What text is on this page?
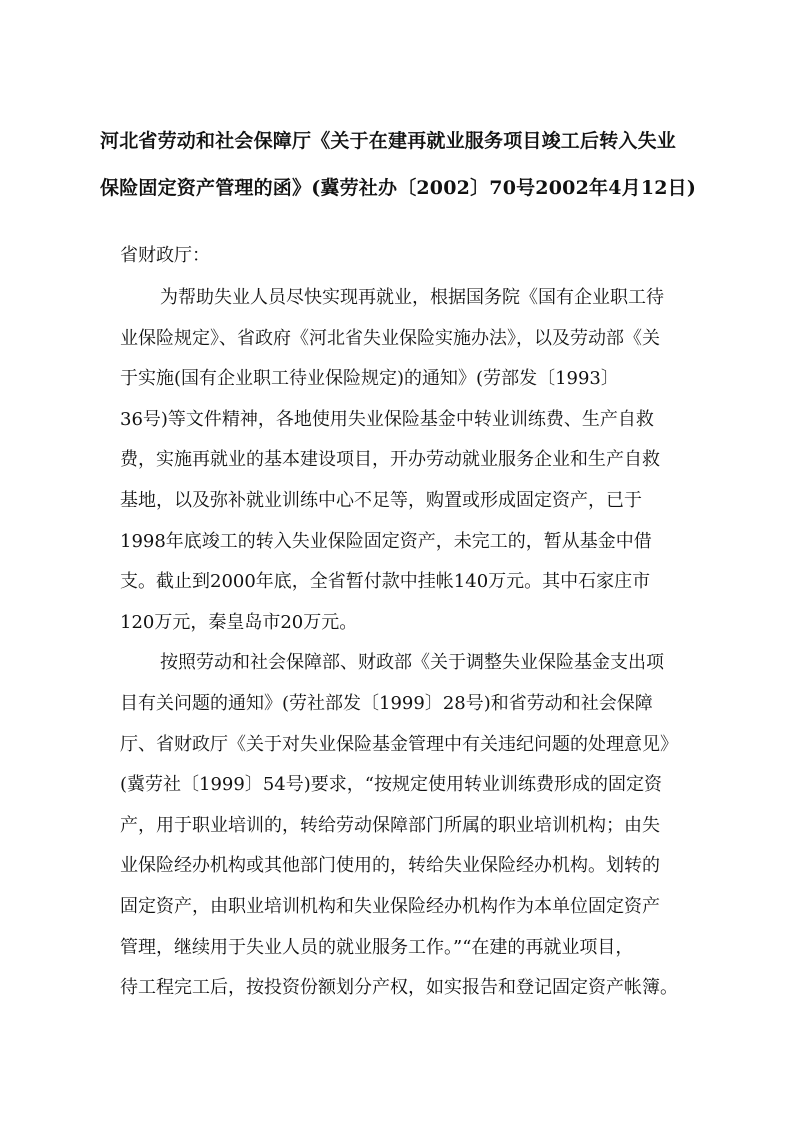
河北省劳动和社会保障厅《关于在建再就业服务项目竣工后转入失业
保险固定资产管理的函》(冀劳社办〔2002〕70号2002年4月12日)
省财政厅：
为帮助失业人员尽快实现再就业，根据国务院《国有企业职工待
业保险规定》、省政府《河北省失业保险实施办法》，以及劳动部《关
于实施(国有企业职工待业保险规定)的通知》(劳部发〔1993〕
36号)等文件精神，各地使用失业保险基金中转业训练费、生产自救
费，实施再就业的基本建设项目，开办劳动就业服务企业和生产自救
基地，以及弥补就业训练中心不足等，购置或形成固定资产，已于
1998年底竣工的转入失业保险固定资产，未完工的，暂从基金中借
支。截止到2000年底，全省暂付款中挂帐140万元。其中石家庄市
120万元，秦皇岛市20万元。
按照劳动和社会保障部、财政部《关于调整失业保险基金支出项
目有关问题的通知》(劳社部发〔1999〕28号)和省劳动和社会保障
厅、省财政厅《关于对失业保险基金管理中有关违纪问题的处理意见》
(冀劳社〔1999〕54号)要求，“按规定使用转业训练费形成的固定资
产，用于职业培训的，转给劳动保障部门所属的职业培训机构；由失
业保险经办机构或其他部门使用的，转给失业保险经办机构。划转的
固定资产，由职业培训机构和失业保险经办机构作为本单位固定资产
管理，继续用于失业人员的就业服务工作。”“在建的再就业项目，
待工程完工后，按投资份额划分产权，如实报告和登记固定资产帐簿。
